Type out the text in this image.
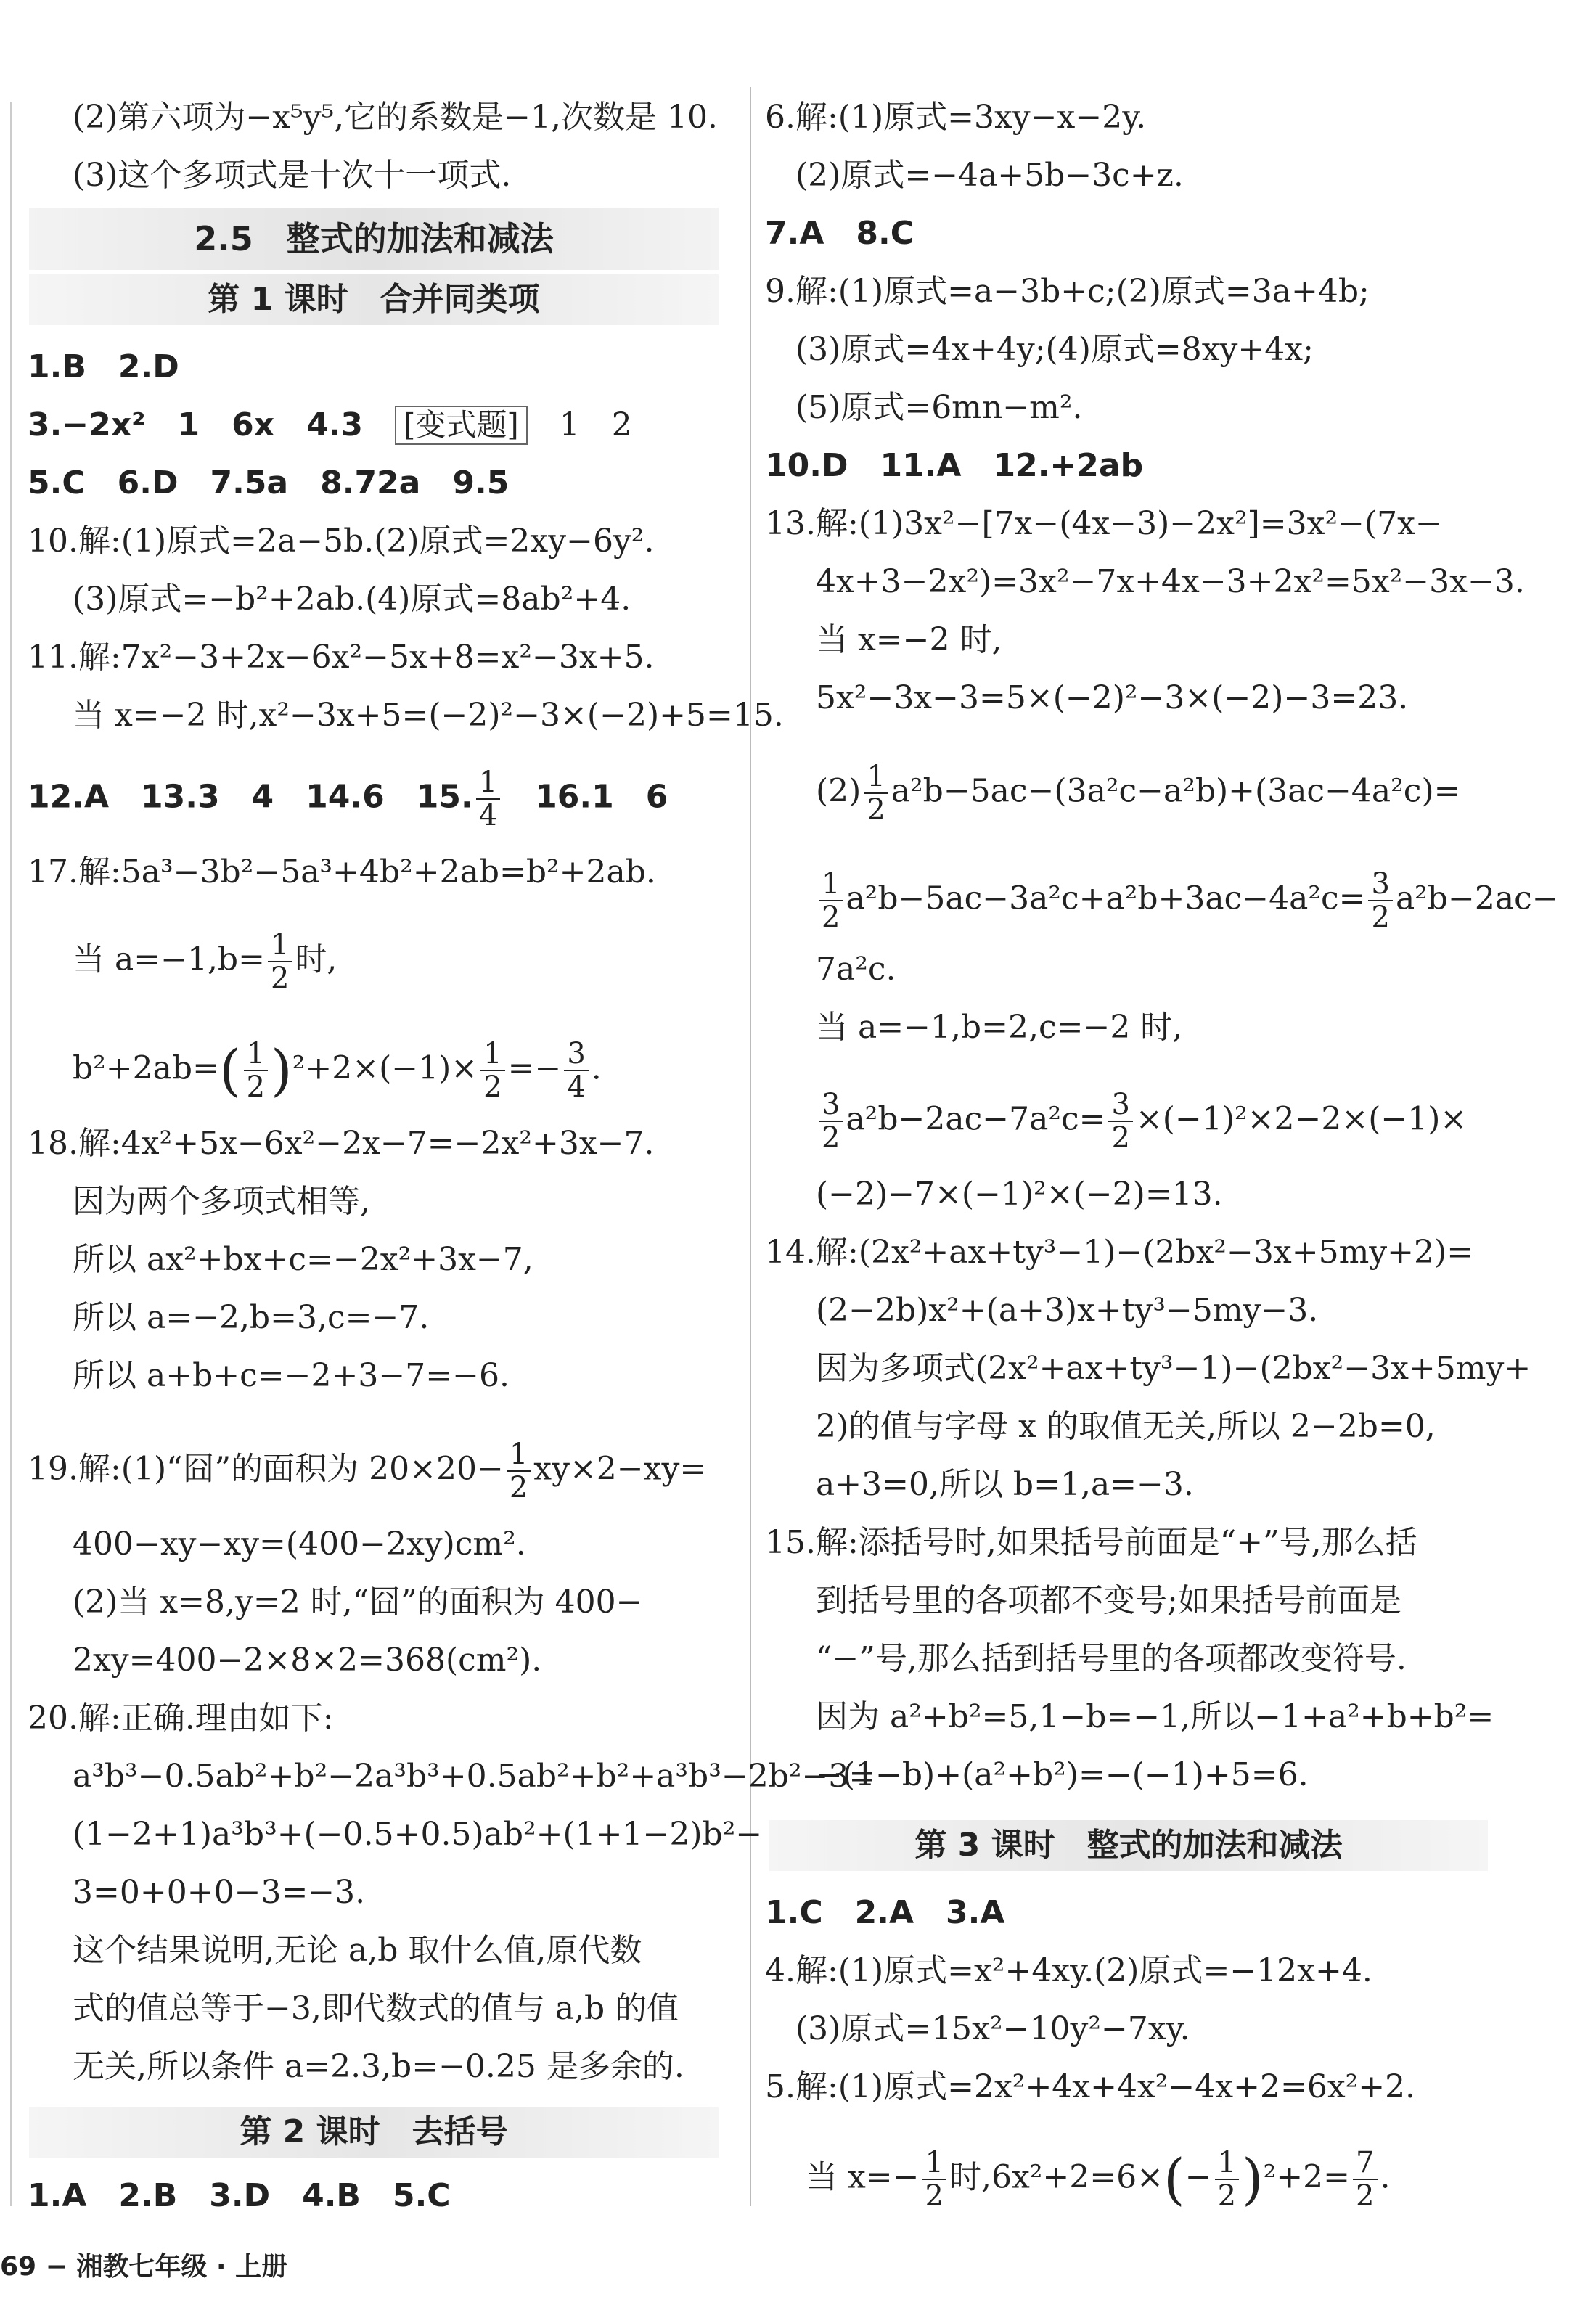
(2)第六项为−x⁵y⁵,它的系数是−1,次数是 10.
(3)这个多项式是十次十一项式.
2.5　整式的加法和减法
第 1 课时　合并同类项
1.B　2.D
3.−2x²　1　6x　4.3　[变式题]　1　2
5.C　6.D　7.5a　8.72a　9.5
10.解:(1)原式=2a−5b.(2)原式=2xy−6y².
(3)原式=−b²+2ab.(4)原式=8ab²+4.
11.解:7x²−3+2x−6x²−5x+8=x²−3x+5.
当 x=−2 时,x²−3x+5=(−2)²−3×(−2)+5=15.
12.A　13.3　4　14.6　15. $\frac{1}{4}$ 　16.1　6
17.解:5a³−3b²−5a³+4b²+2ab=b²+2ab.
当 $a=-1,b= \frac{1}{2}$ 时,
$b^2+2ab=( \frac{1}{2} )^2+2\times(-1)\times \frac{1}{2} =- \frac{3}{4}$ .
18.解:4x²+5x−6x²−2x−7=−2x²+3x−7.
因为两个多项式相等,
所以 ax²+bx+c=−2x²+3x−7,
所以 a=−2,b=3,c=−7.
所以 a+b+c=−2+3−7=−6.
19.解:(1)“囧”的面积为 $20\times 20- \frac{1}{2} xy\times 2-xy=$
400−xy−xy=(400−2xy)cm².
(2)当 x=8,y=2 时,“囧”的面积为 400−
2xy=400−2×8×2=368(cm²).
20.解:正确.理由如下:
a³b³−0.5ab²+b²−2a³b³+0.5ab²+b²+a³b³−2b²−3=
(1−2+1)a³b³+(−0.5+0.5)ab²+(1+1−2)b²−
3=0+0+0−3=−3.
这个结果说明,无论 a,b 取什么值,原代数
式的值总等于−3,即代数式的值与 a,b 的值
无关,所以条件 a=2.3,b=−0.25 是多余的.
第 2 课时　去括号
1.A　2.B　3.D　4.B　5.C
6.解:(1)原式=3xy−x−2y.
(2)原式=−4a+5b−3c+z.
7.A　8.C
9.解:(1)原式=a−3b+c;(2)原式=3a+4b;
(3)原式=4x+4y;(4)原式=8xy+4x;
(5)原式=6mn−m².
10.D　11.A　12.+2ab
13.解:(1)3x²−[7x−(4x−3)−2x²]=3x²−(7x−
4x+3−2x²)=3x²−7x+4x−3+2x²=5x²−3x−3.
当 x=−2 时,
5x²−3x−3=5×(−2)²−3×(−2)−3=23.
$(2) \frac{1}{2} a^2b-5ac-(3a^2c-a^2b)+(3ac-4a^2c)=$
$\frac{1}{2} a^2b-5ac-3a^2c+a^2b+3ac-4a^2c= \frac{3}{2} a^2b-2ac-$
7a²c.
当 a=−1,b=2,c=−2 时,
$\frac{3}{2} a^2b-2ac-7a^2c= \frac{3}{2} \times(-1)^2\times 2-2\times(-1)\times$
(−2)−7×(−1)²×(−2)=13.
14.解:(2x²+ax+ty³−1)−(2bx²−3x+5my+2)=
(2−2b)x²+(a+3)x+ty³−5my−3.
因为多项式(2x²+ax+ty³−1)−(2bx²−3x+5my+
2)的值与字母 x 的取值无关,所以 2−2b=0,
a+3=0,所以 b=1,a=−3.
15.解:添括号时,如果括号前面是“+”号,那么括
到括号里的各项都不变号;如果括号前面是
“−”号,那么括到括号里的各项都改变符号.
因为 a²+b²=5,1−b=−1,所以−1+a²+b+b²=
−(1−b)+(a²+b²)=−(−1)+5=6.
第 3 课时　整式的加法和减法
1.C　2.A　3.A
4.解:(1)原式=x²+4xy.(2)原式=−12x+4.
(3)原式=15x²−10y²−7xy.
5.解:(1)原式=2x²+4x+4x²−4x+2=6x²+2.
当 $x=- \frac{1}{2}$ 时$,6x^2+2=6\times(- \frac{1}{2} )^2+2= \frac{7}{2}$ .
69 − 湘教七年级 · 上册
